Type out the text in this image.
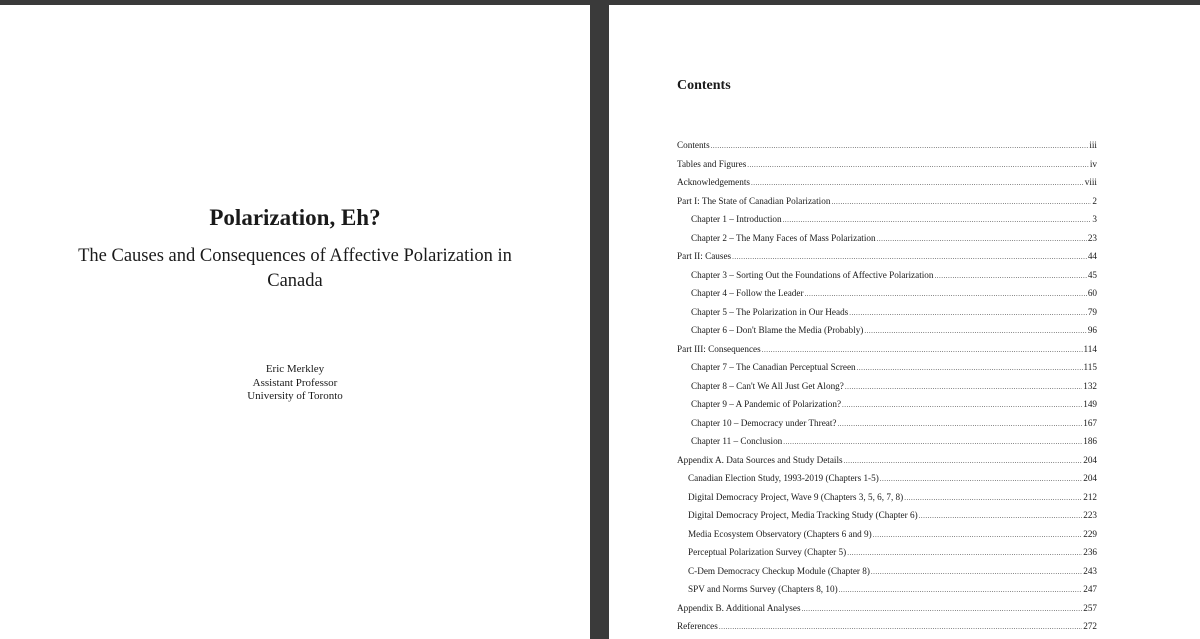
Polarization, Eh?
The Causes and Consequences of Affective Polarization in Canada
Eric Merkley
Assistant Professor
University of Toronto
Contents
Contents .....	iii
Tables and Figures .....	iv
Acknowledgements .....	viii
Part I: The State of Canadian Polarization .....	2
Chapter 1 – Introduction .....	3
Chapter 2 – The Many Faces of Mass Polarization .....	23
Part II: Causes .....	44
Chapter 3 – Sorting Out the Foundations of Affective Polarization .....	45
Chapter 4 – Follow the Leader .....	60
Chapter 5 – The Polarization in Our Heads .....	79
Chapter 6 – Don't Blame the Media (Probably) .....	96
Part III: Consequences .....	114
Chapter 7 – The Canadian Perceptual Screen .....	115
Chapter 8 – Can't We All Just Get Along? .....	132
Chapter 9 – A Pandemic of Polarization? .....	149
Chapter 10 – Democracy under Threat? .....	167
Chapter 11 – Conclusion .....	186
Appendix A. Data Sources and Study Details .....	204
Canadian Election Study, 1993-2019 (Chapters 1-5) .....	204
Digital Democracy Project, Wave 9 (Chapters 3, 5, 6, 7, 8) .....	212
Digital Democracy Project, Media Tracking Study (Chapter 6) .....	223
Media Ecosystem Observatory (Chapters 6 and 9) .....	229
Perceptual Polarization Survey (Chapter 5) .....	236
C-Dem Democracy Checkup Module (Chapter 8) .....	243
SPV and Norms Survey (Chapters 8, 10) .....	247
Appendix B. Additional Analyses .....	257
References .....	272
